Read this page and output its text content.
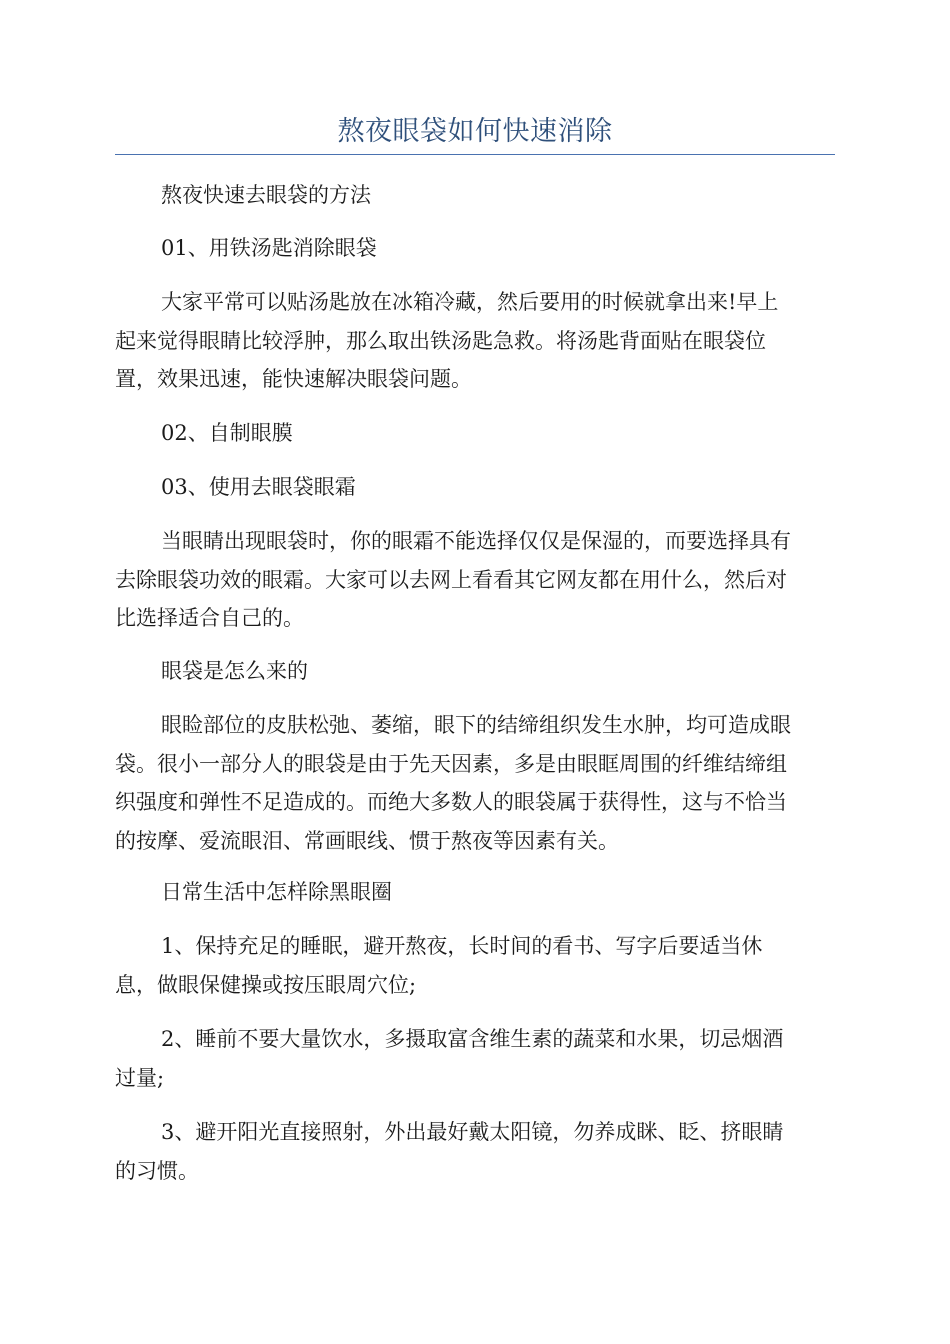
熬夜眼袋如何快速消除
熬夜快速去眼袋的方法
01、用铁汤匙消除眼袋
大家平常可以贴汤匙放在冰箱冷藏，然后要用的时候就拿出来!早上
起来觉得眼睛比较浮肿，那么取出铁汤匙急救。将汤匙背面贴在眼袋位
置，效果迅速，能快速解决眼袋问题。
02、自制眼膜
03、使用去眼袋眼霜
当眼睛出现眼袋时，你的眼霜不能选择仅仅是保湿的，而要选择具有
去除眼袋功效的眼霜。大家可以去网上看看其它网友都在用什么，然后对
比选择适合自己的。
眼袋是怎么来的
眼睑部位的皮肤松弛、萎缩，眼下的结缔组织发生水肿，均可造成眼
袋。很小一部分人的眼袋是由于先天因素，多是由眼眶周围的纤维结缔组
织强度和弹性不足造成的。而绝大多数人的眼袋属于获得性，这与不恰当
的按摩、爱流眼泪、常画眼线、惯于熬夜等因素有关。
日常生活中怎样除黑眼圈
1、保持充足的睡眠，避开熬夜，长时间的看书、写字后要适当休
息，做眼保健操或按压眼周穴位;
2、睡前不要大量饮水，多摄取富含维生素的蔬菜和水果，切忌烟酒
过量;
3、避开阳光直接照射，外出最好戴太阳镜，勿养成眯、眨、挤眼睛
的习惯。
